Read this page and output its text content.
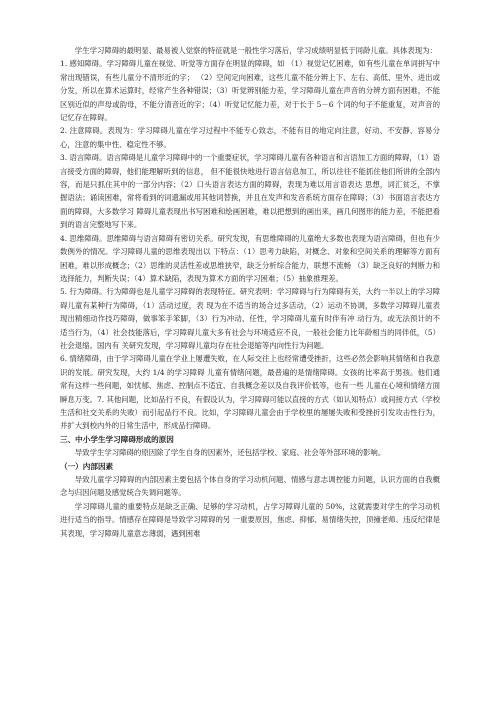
学生学习障碍的最明显、最易被人觉察的特征就是一般性学习落后，学习成绩明显低于同龄儿童。具体表现为：

1. 感知障碍。学习障碍儿童在视觉、听觉等方面存在明显的障碍，如 （1）视觉记忆困难，如有些儿童在单词拼写中常出现错误，有些儿童分不清形近的字； （2）空间定向困难，这些儿童不能分辨上下、左右、高低、里外、进出或分发，所以在算术运算时，经常产生各种错误；（3）听觉辨别能力差，学习障碍儿童在声音的分辨方面有困难，不能区别近似的声母或韵母，不能分清音近的字；（4）听觉记忆能力差，对于长于 5－6 个词的句子不能重复，对声音的记忆存在障碍。

2. 注意障碍。表现为：学习障碍儿童在学习过程中不能专心致志，不能有目的地定向注意，好动、不安静、容易分心，注意的集中性、稳定性不够。

3. 语言障碍。语言障碍是儿童学习障碍中的一个重要症状，学习障碍儿童有各种语言和言语加工方面的障碍，（1）语言接受方面的障碍，他们能理解听到的信息， 但不能很快地进行语言信息加工，所以往往不能抓住他们所讲的全部内容，而是只抓住其中的一部分内容；（2）口头语言表达方面的障碍，表现为难以用言语表达 思想，词汇贫乏，不掌握语法；诵读困难，常将看到的词遗漏或用其他词替换，并且在发声和发音系统方面存在障碍；（3）书面语言表达方面的障碍，大多数学习 障碍儿童表现出书写困难和绘画困难，难以把想到的画出来，画几何图形的能力差，不能把看到的语言完整地写下来。

4. 思维障碍。思维障碍与语言障碍有密切关系。研究发现，有思维障碍的儿童绝大多数也表现为语言障碍，但也有少数例外的情况。学习障碍儿童的思维表现出以 下特点：（1）思考力缺陷，对概念、对象和空间关系的理解等方面有困难，难以形成概念；（2）思维的灵活性差或思维狭窄，缺乏分析综合能力，联想不流畅 （3）缺乏良好的判断力和选择能力，判断失误；（4）算术缺陷，表现为算术方面的学习困难；（5）抽象推理差。

5. 行为障碍。行为障碍也是儿童学习障碍的表现特征。研究表明：学习障碍与行为障碍有关，大约一半以上的学习障碍儿童有某种行为障碍，（1）活动过度，表 现为在不适当的场合过多活动，（2）运动不协调，多数学习障碍儿童表现出精细动作技巧障碍，做事笨手笨脚，（3）行为冲动、任性，学习障碍儿童有时伴有冲 动行为，或无法预计的不适当行为，（4）社会技能落后，学习障碍儿童大多有社会与环境适应不良，一般社会能力比年龄相当的同伴低，（5）社会退缩。国内有 关研究发现，学习障碍儿童均存在社会退缩等内向性行为问题。

6. 情绪障碍，由于学习障碍儿童在学业上屡遭失败，在人际交往上也经常遭受挫折，这些必然会影响其情绪和自我意识的发展。研究发现，大约 1/4 的学习障碍 儿童有情绪问题，最普遍的是情绪障碍。女孩的比率高于男孩。他们通常有这样一些问题，如忧郁、焦虑、控制点不适宜、自我概念差以及自我评价低等，也有一些 儿童在心境和情绪方面瞬息万变。7. 其他问题，比如品行不良，有假设认为，学习障碍可能以直接的方式（如认知特点）或间接方式（学校生活和社交关系的失败）而引起品行不良。比如，学习障碍儿童会由于学校里的屡屡失败和受挫折引发攻击性行为，并扩大到校内外的日常生活中，形成品行障碍。

三、中小学生学习障碍形成的原因

导致学生学习障碍的原因除了学生自身的因素外，还包括学校、家庭、社会等外部环境的影响。

（一）内部因素

导致儿童学习障碍的内部因素主要包括个体自身的学习动机问题、情感与意志调控能力问题，认识方面的自我概念与归因问题及感觉统合失调问题等。

学习障碍儿童的重要特点是缺乏正确、足够的学习动机，占学习障碍儿童的 50%，这就需要对学生的学习动机进行适当的指导。情感存在障碍是导致学习障碍的另 一重要原因，焦虑、抑郁、易情绪失控，顶撞老师、违反纪律是其表现，学习障碍儿童意志薄弱，遇到困难
